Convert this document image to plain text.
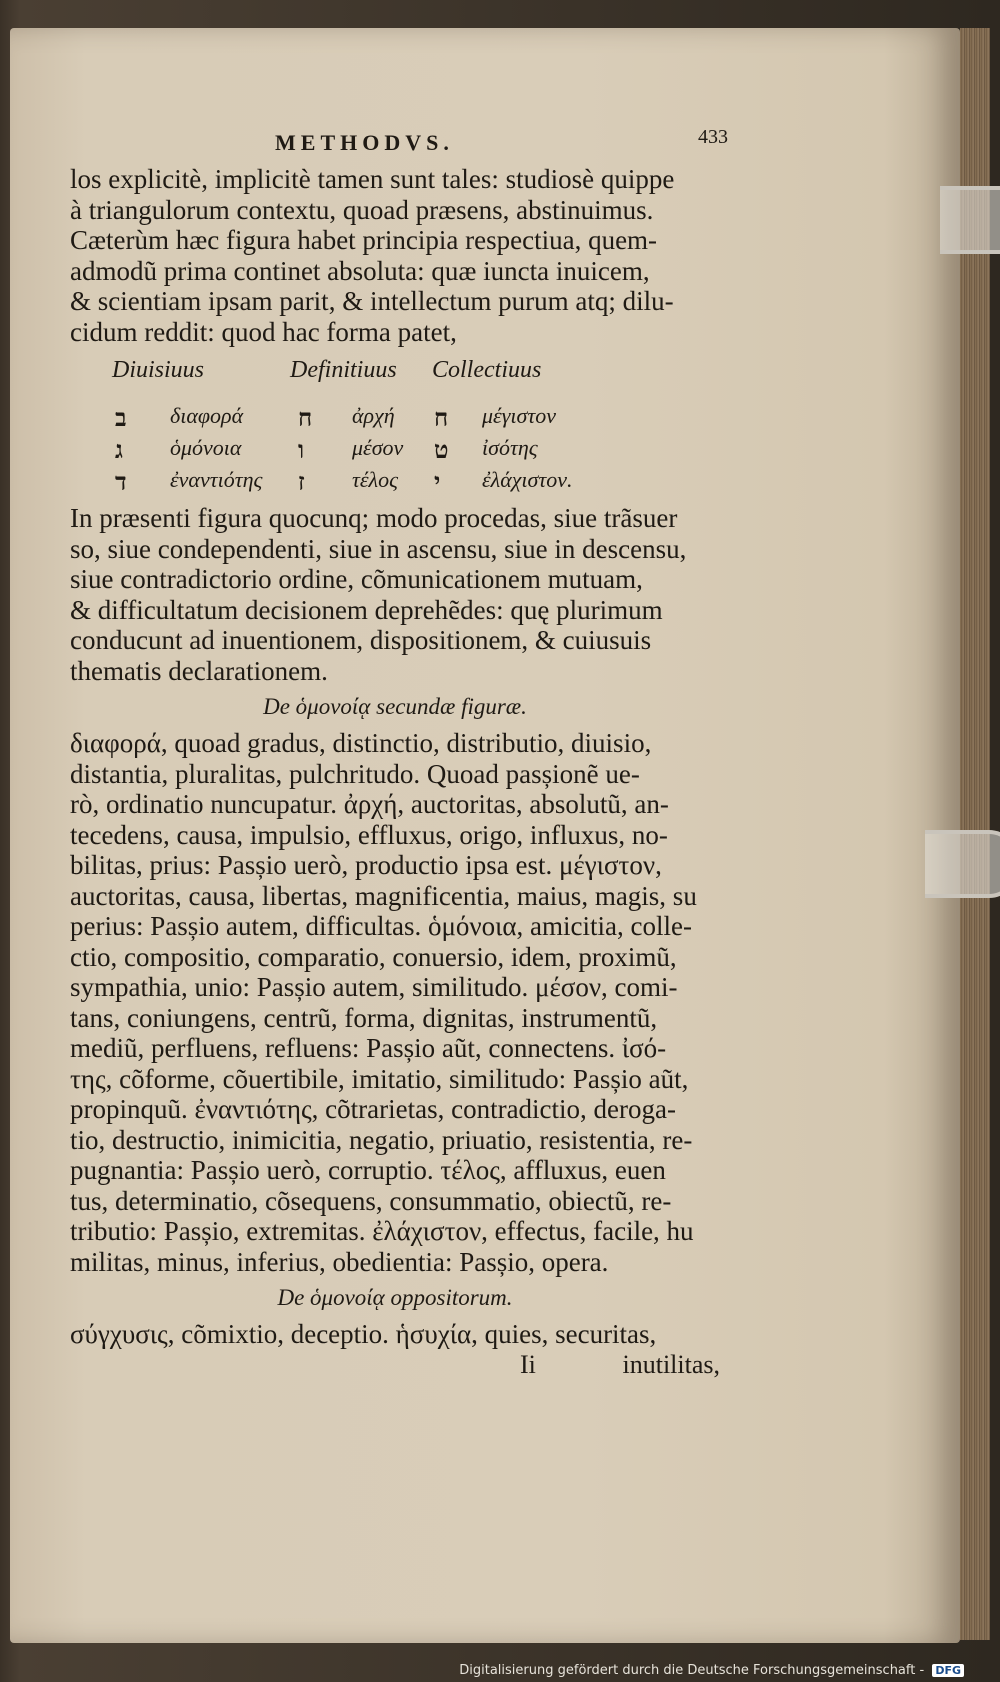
METHODVS.	433

los explicitè, implicitè tamen sunt tales: studiosè quippe
à triangulorum contextu, quoad præsens, abstinuimus.
Cæterùm hæc figura habet principia respectiua, quem-
admodũ prima continet absoluta: quæ iuncta inuicem,
& scientiam ipsam parit, & intellectum purum atq; dilu-
cidum reddit: quod hac forma patet,

Diuisiuus	Definitiuus Collectiuus
ב διαφορά ח ἀρχή ח μέγιστον
ג ὁμόνοια ו μέσον ט ἰσότης
ד ἐναντιότης ז τέλος י ἐλάχιστον.

In præsenti figura quocunq; modo procedas, siue trãsuer
so, siue condependenti, siue in ascensu, siue in descensu,
siue contradictorio ordine, cõmunicationem mutuam,
& difficultatum decisionem deprehẽdes: quę plurimum
conducunt ad inuentionem, dispositionem, & cuiusuis
thematis declarationem.

De ὁμονοίᾳ secundæ figuræ.

διαφορά, quoad gradus, distinctio, distributio, diuisio,
distantia, pluralitas, pulchritudo. Quoad pasșionẽ ue-
rò, ordinatio nuncupatur. ἀρχή, auctoritas, absolutũ, an-
tecedens, causa, impulsio, effluxus, origo, influxus, no-
bilitas, prius: Pasșio uerò, productio ipsa est. μέγιστον,
auctoritas, causa, libertas, magnificentia, maius, magis, su
perius: Pasșio autem, difficultas. ὁμόνοια, amicitia, colle-
ctio, compositio, comparatio, conuersio, idem, proximũ,
sympathia, unio: Pasșio autem, similitudo. μέσον, comi-
tans, coniungens, centrũ, forma, dignitas, instrumentũ,
mediũ, perfluens, refluens: Pasșio aũt, connectens. ἰσό-
της, cõforme, cõuertibile, imitatio, similitudo: Pasșio aũt,
propinquũ. ἐναντιότης, cõtrarietas, contradictio, deroga-
tio, destructio, inimicitia, negatio, priuatio, resistentia, re-
pugnantia: Pasșio uerò, corruptio. τέλος, affluxus, euen
tus, determinatio, cõsequens, consummatio, obiectũ, re-
tributio: Pasșio, extremitas. ἐλάχιστον, effectus, facile, hu
militas, minus, inferius, obedientia: Pasșio, opera.

De ὁμονοίᾳ oppositorum.

σύγχυσις, cõmixtio, deceptio. ἡσυχία, quies, securitas,

Ii	inutilitas,
Digitalisierung gefördert durch die Deutsche Forschungsgemeinschaft - DFG
